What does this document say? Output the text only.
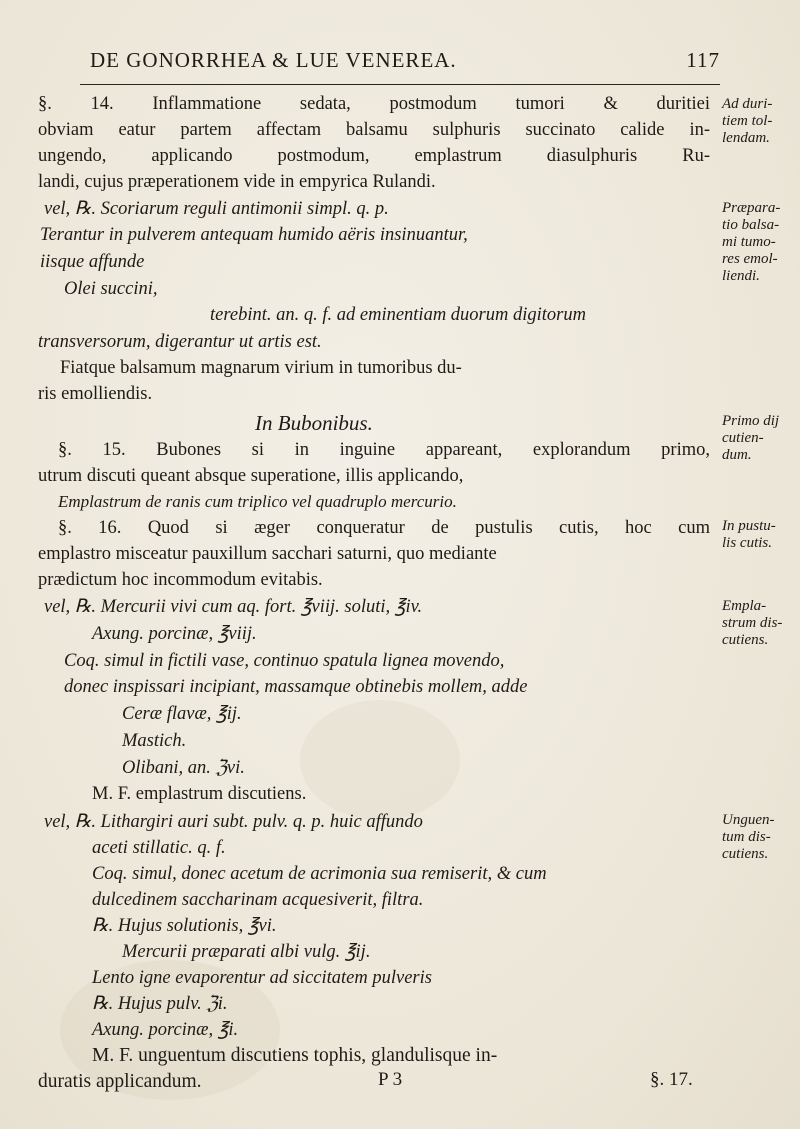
DE GONORRHEA & LUE VENEREA.	117
§. 14. Inflammatione sedata, postmodum tumori & duritiei
obviam eatur partem affectam balsamu sulphuris succinato calide in-
ungendo, applicando postmodum, emplastrum diasulphuris Ru-
landi, cujus præperationem vide in empyrica Rulandi.
vel, ℞. Scoriarum reguli antimonii simpl. q. p.
Terantur in pulverem antequam humido aëris insinuantur,
iisque affunde
Olei succini,
terebint. an. q. f. ad eminentiam duorum digitorum
transversorum, digerantur ut artis est.
Fiatque balsamum magnarum virium in tumoribus du-
ris emolliendis.
In Bubonibus.
§. 15. Bubones si in inguine appareant, explorandum primo,
utrum discuti queant absque superatione, illis applicando,
Emplastrum de ranis cum triplico vel quadruplo mercurio.
§. 16. Quod si æger conqueratur de pustulis cutis, hoc cum
emplastro misceatur pauxillum sacchari saturni, quo mediante
prædictum hoc incommodum evitabis.
vel, ℞. Mercurii vivi cum aq. fort. ℥viij. soluti, ℥iv.
Axung. porcinæ, ℥viij.
Coq. simul in fictili vase, continuo spatula lignea movendo,
donec inspissari incipiant, massamque obtinebis mollem, adde
Ceræ flavæ, ℥ij.
Mastich.
Olibani, an. ℨvi.
M. F. emplastrum discutiens.
vel, ℞. Lithargiri auri subt. pulv. q. p. huic affundo
aceti stillatic. q. f.
Coq. simul, donec acetum de acrimonia sua remiserit, & cum
dulcedinem saccharinam acquesiverit, filtra.
℞. Hujus solutionis, ℥vi.
Mercurii præparati albi vulg. ℥ij.
Lento igne evaporentur ad siccitatem pulveris
℞. Hujus pulv. ℨi.
Axung. porcinæ, ℥i.
M. F. unguentum discutiens tophis, glandulisque in-
duratis applicandum.	P 3	§. 17.
Ad duri-
tiem tol-
lendam.
Præpara-
tio balsa-
mi tumo-
res emol-
liendi.
Primo dij
cutien-
dum.
In pustu-
lis cutis.
Empla-
strum dis-
cutiens.
Unguen-
tum dis-
cutiens.
